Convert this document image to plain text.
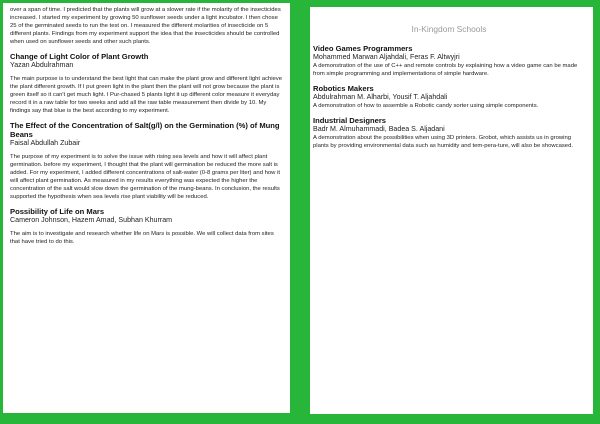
over a span of time. I predicted that the plants will grow at a slower rate if the molarity of the insecticides increased. I started my experiment by growing 50 sunflower seeds under a light incubator. I then chose 25 of the germinated seeds to run the test on. I measured the different molarities of insecticide on 5 different plants. Findings from my experiment support the idea that the insecticides should be controlled when used on sunflower seeds and other such plants.

Change of Light Color of Plant Growth

Yazan Abdulrahman

The main purpose is to understand the best light that can make the plant grow and different light achieve the plant different growth. If I put green light in the plant then the plant will not grow because the plant is green itself so it can't get much light. I Pur-chased 5 plants light it up different color measure it everyday record it in a raw table for two weeks and add all the raw table measurement then divide by 10. My findings say that blue is the best according to my experiment.

The Effect of the Concentration of Salt(g/l) on the Germination (%) of Mung Beans

Faisal Abdullah Zubair

The purpose of my experiment is to solve the issue with rising sea levels and how it will affect plant germination. before my experiment, I thought that the plant will germination be reduced the more salt is added. For my experiment, I added different concentrations of salt-water (0-8 grams per liter) and how it will affect plant germination. As measured in my results everything was expected the higher the concentration of the salt would slow down the germination of the mung-beans. In conclusion, the results supported the hypothesis when sea levels rise plant viability will be reduced.

Possibility of Life on Mars

Cameron Johnson, Hazem Amad, Subhan Khurram

The aim is to investigate and research whether life on Mars is possible. We will collect data from sites that have tried to do this.

In-Kingdom Schools

Video Games Programmers

Mohammed Marwan Aljahdali, Feras F. Altwyjri

A demonstration of the use of C++ and remote controls by explaining how a video game can be made from simple programming and implementations of simple hardware.

Robotics Makers

Abdulrahman M. Alharbi, Yousif T. Aljahdali

A demonstration of how to assemble a Robotic candy sorter using simple components.

Industrial Designers

Badr M. Almuhammadi, Badea S. Aljadani

A demonstration about the possibilities when using 3D printers. Grobot, which assists us in growing plants by providing environmental data such as humidity and tem-pera-ture, will also be showcased.
